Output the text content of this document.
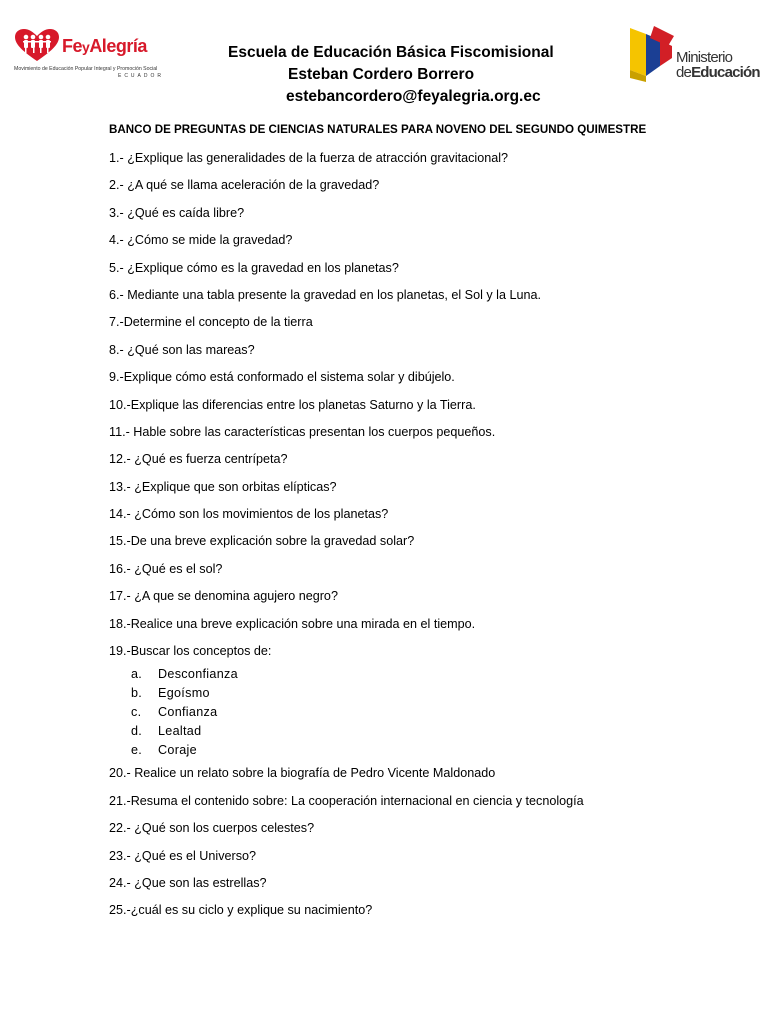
FeyAlegría
Movimiento de Educación Popular Integral y Promoción Social
ECUADOR
Escuela de Educación Básica Fiscomisional
Esteban Cordero Borrero
estebancordero@feyalegria.org.ec
Ministerio
deEducación
BANCO DE PREGUNTAS DE CIENCIAS NATURALES PARA NOVENO DEL SEGUNDO QUIMESTRE
1.- ¿Explique las generalidades de la fuerza de atracción gravitacional?
2.- ¿A qué se llama aceleración de la gravedad?
3.- ¿Qué es caída libre?
4.- ¿Cómo se mide la gravedad?
5.- ¿Explique cómo es la gravedad en los planetas?
6.- Mediante una tabla presente la gravedad en los planetas, el Sol y la Luna.
7.-Determine el concepto de la tierra
8.- ¿Qué son las mareas?
9.-Explique cómo está conformado el sistema solar y dibújelo.
10.-Explique las diferencias entre los planetas Saturno y la Tierra.
11.- Hable sobre las características presentan los cuerpos pequeños.
12.- ¿Qué es fuerza centrípeta?
13.- ¿Explique que son orbitas elípticas?
14.- ¿Cómo son los movimientos de los planetas?
15.-De una breve explicación sobre la gravedad solar?
16.- ¿Qué es el sol?
17.- ¿A que se denomina agujero negro?
18.-Realice una breve explicación sobre una mirada en el tiempo.
19.-Buscar los conceptos de:
a. Desconfianza
b. Egoísmo
c. Confianza
d. Lealtad
e. Coraje
20.- Realice un relato sobre la biografía de Pedro Vicente Maldonado
21.-Resuma el contenido sobre: La cooperación internacional en ciencia y tecnología
22.- ¿Qué son los cuerpos celestes?
23.- ¿Qué es el Universo?
24.- ¿Que son las estrellas?
25.-¿cuál es su ciclo y explique su nacimiento?
